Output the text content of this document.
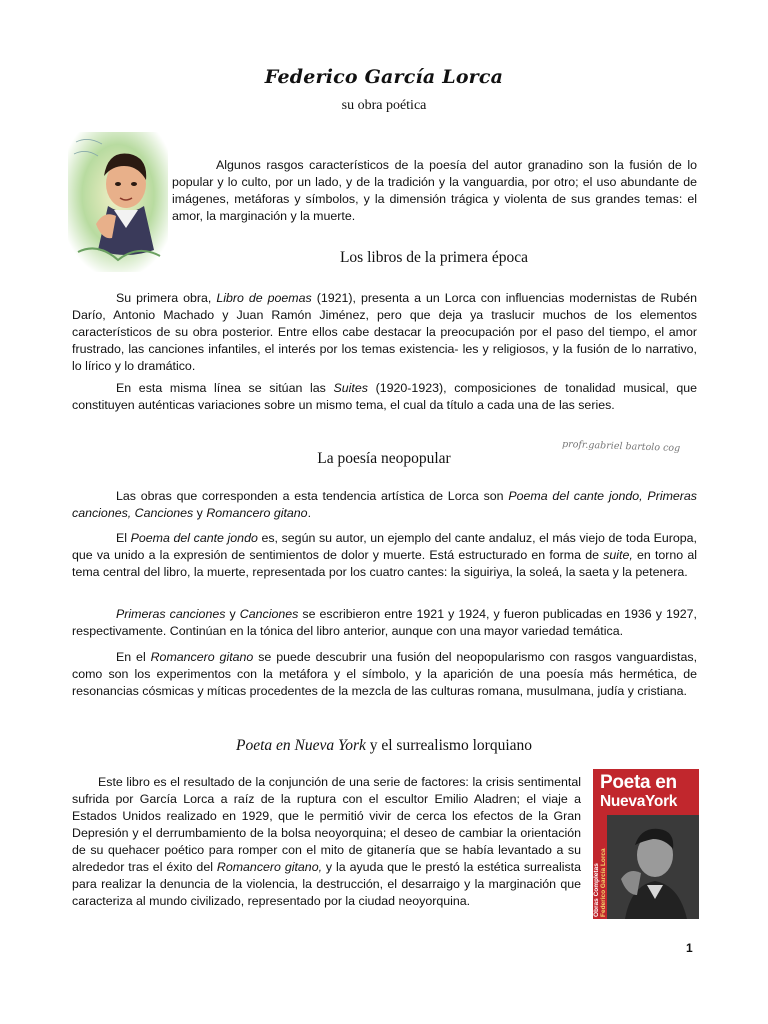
Federico García Lorca
su obra poética

Algunos rasgos característicos de la poesía del autor granadino son la fusión de lo popular y lo culto, por un lado, y de la tradición y la vanguardia, por otro; el uso abundante de imágenes, metáforas y símbolos, y la dimensión trágica y violenta de sus grandes temas: el amor, la marginación y la muerte.

Los libros de la primera época

Su primera obra, Libro de poemas (1921), presenta a un Lorca con influencias modernistas de Rubén Darío, Antonio Machado y Juan Ramón Jiménez, pero que deja ya traslucir muchos de los elementos característicos de su obra posterior. Entre ellos cabe destacar la preocupación por el paso del tiempo, el amor frustrado, las canciones infantiles, el interés por los temas existencia- les y religiosos, y la fusión de lo narrativo, lo lírico y lo dramático.

En esta misma línea se sitúan las Suites (1920-1923), composiciones de tonalidad musical, que constituyen auténticas variaciones sobre un mismo tema, el cual da título a cada una de las series.

profr.gabriel bartolo cog
La poesía neopopular

Las obras que corresponden a esta tendencia artística de Lorca son Poema del cante jondo, Primeras canciones, Canciones y Romancero gitano.

El Poema del cante jondo es, según su autor, un ejemplo del cante andaluz, el más viejo de toda Europa, que va unido a la expresión de sentimientos de dolor y muerte. Está estructurado en forma de suite, en torno al tema central del libro, la muerte, representada por los cuatro cantes: la siguiriya, la soleá, la saeta y la petenera.

Primeras canciones y Canciones se escribieron entre 1921 y 1924, y fueron publicadas en 1936 y 1927, respectivamente. Continúan en la tónica del libro anterior, aunque con una mayor variedad temática.

En el Romancero gitano se puede descubrir una fusión del neopopularismo con rasgos vanguardistas, como son los experimentos con la metáfora y el símbolo, y la aparición de una poesía más hermética, de resonancias cósmicas y míticas procedentes de la mezcla de las culturas romana, musulmana, judía y cristiana.

Poeta en Nueva York y el surrealismo lorquiano

Este libro es el resultado de la conjunción de una serie de factores: la crisis sentimental sufrida por García Lorca a raíz de la ruptura con el escultor Emilio Aladren; el viaje a Estados Unidos realizado en 1929, que le permitió vivir de cerca los efectos de la Gran Depresión y el derrumbamiento de la bolsa neoyorquina; el deseo de cambiar la orientación de su quehacer poético para romper con el mito de gitanería que se había levantado a su alrededor tras el éxito del Romancero gitano, y la ayuda que le prestó la estética surrealista para realizar la denuncia de la violencia, la destrucción, el desarraigo y la marginación que caracteriza al mundo civilizado, representado por la ciudad neoyorquina.

Poeta en
NuevaYork
Obras Completas Federico García Lorca
1
